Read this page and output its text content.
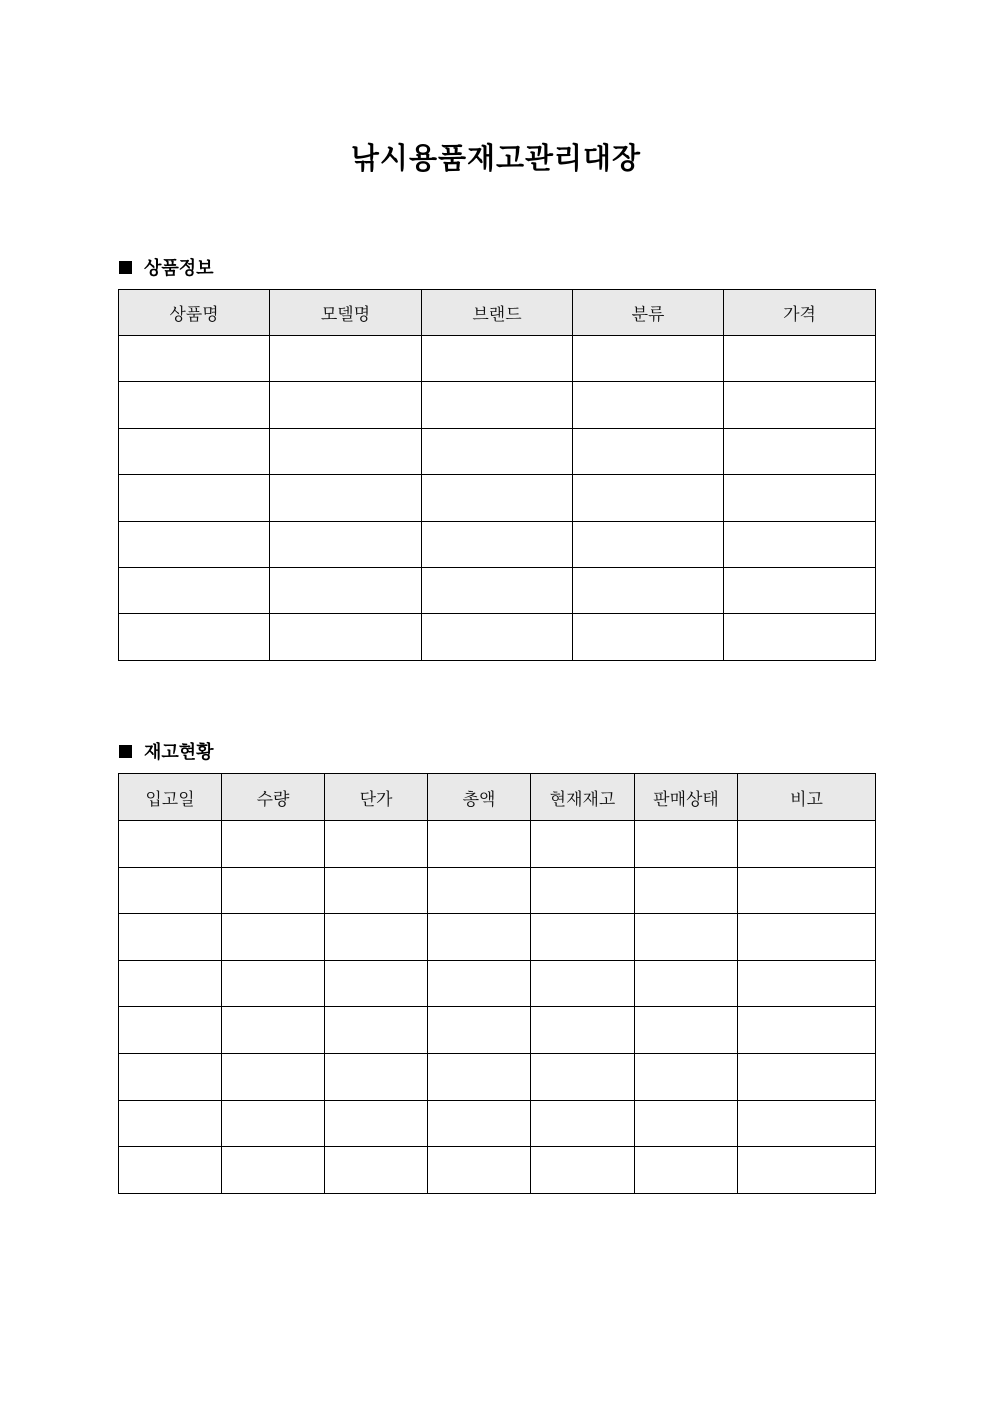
낚시용품재고관리대장
상품정보
상품명	모델명	브랜드	분류	가격

재고현황
입고일	수량	단가	총액	현재재고	판매상태	비고
